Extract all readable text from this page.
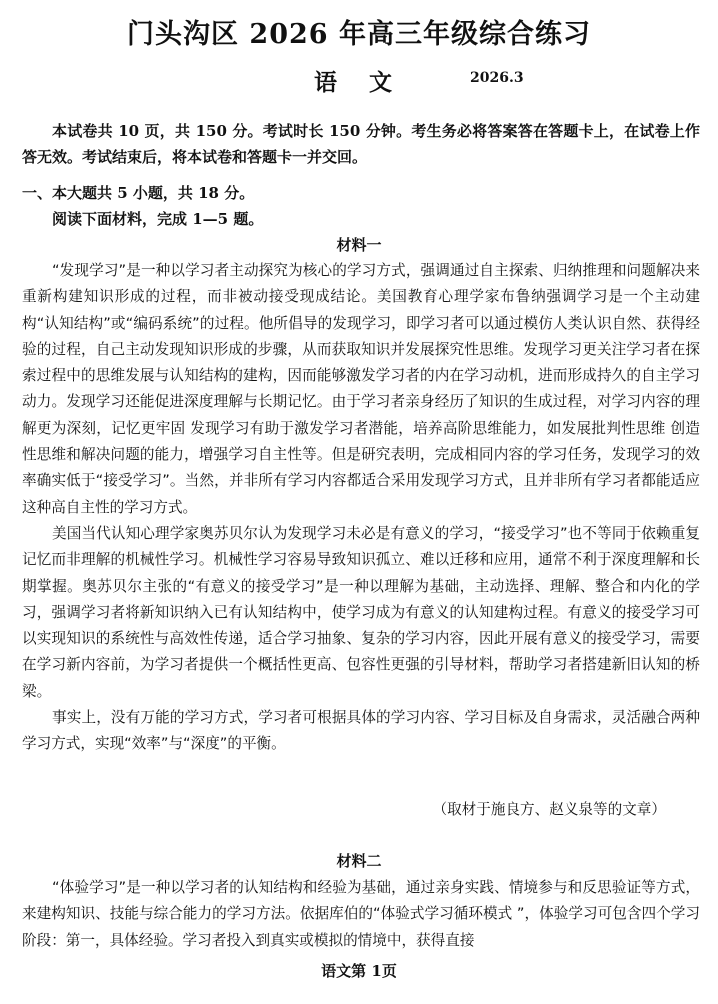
门头沟区 2026 年高三年级综合练习
语 文	2026.3
本试卷共 10 页，共 150 分。考试时长 150 分钟。考生务必将答案答在答题卡上，在试卷上作答无效。考试结束后，将本试卷和答题卡一并交回。
一、本大题共 5 小题，共 18 分。
阅读下面材料，完成 1—5 题。
材料一

“发现学习”是一种以学习者主动探究为核心的学习方式，强调通过自主探索、归纳推理和问题解决来重新构建知识形成的过程，而非被动接受现成结论。美国教育心理学家布鲁纳强调学习是一个主动建构“认知结构”或“编码系统”的过程。他所倡导的发现学习，即学习者可以通过模仿人类认识自然、获得经验的过程，自己主动发现知识形成的步骤，从而获取知识并发展探究性思维。发现学习更关注学习者在探索过程中的思维发展与认知结构的建构，因而能够激发学习者的内在学习动机，进而形成持久的自主学习动力。发现学习还能促进深度理解与长期记忆。由于学习者亲身经历了知识的生成过程，对学习内容的理解更为深刻，记忆更牢固 发现学习有助于激发学习者潜能，培养高阶思维能力，如发展批判性思维 创造性思维和解决问题的能力，增强学习自主性等。但是研究表明，完成相同内容的学习任务，发现学习的效率确实低于“接受学习”。当然，并非所有学习内容都适合采用发现学习方式，且并非所有学习者都能适应这种高自主性的学习方式。

美国当代认知心理学家奥苏贝尔认为发现学习未必是有意义的学习，“接受学习”也不等同于依赖重复记忆而非理解的机械性学习。机械性学习容易导致知识孤立、难以迁移和应用，通常不利于深度理解和长期掌握。奥苏贝尔主张的“有意义的接受学习”是一种以理解为基础，主动选择、理解、整合和内化的学习，强调学习者将新知识纳入已有认知结构中，使学习成为有意义的认知建构过程。有意义的接受学习可以实现知识的系统性与高效性传递，适合学习抽象、复杂的学习内容，因此开展有意义的接受学习，需要在学习新内容前，为学习者提供一个概括性更高、包容性更强的引导材料，帮助学习者搭建新旧认知的桥梁。

事实上，没有万能的学习方式，学习者可根据具体的学习内容、学习目标及自身需求，灵活融合两种学习方式，实现“效率”与“深度”的平衡。

（取材于施良方、赵义泉等的文章）
材料二

“体验学习”是一种以学习者的认知结构和经验为基础，通过亲身实践、情境参与和反思验证等方式，来建构知识、技能与综合能力的学习方法。依据库伯的“体验式学习循环模式 ”，体验学习可包含四个学习阶段：第一，具体经验。学习者投入到真实或模拟的情境中，获得直接

语文第 1页
